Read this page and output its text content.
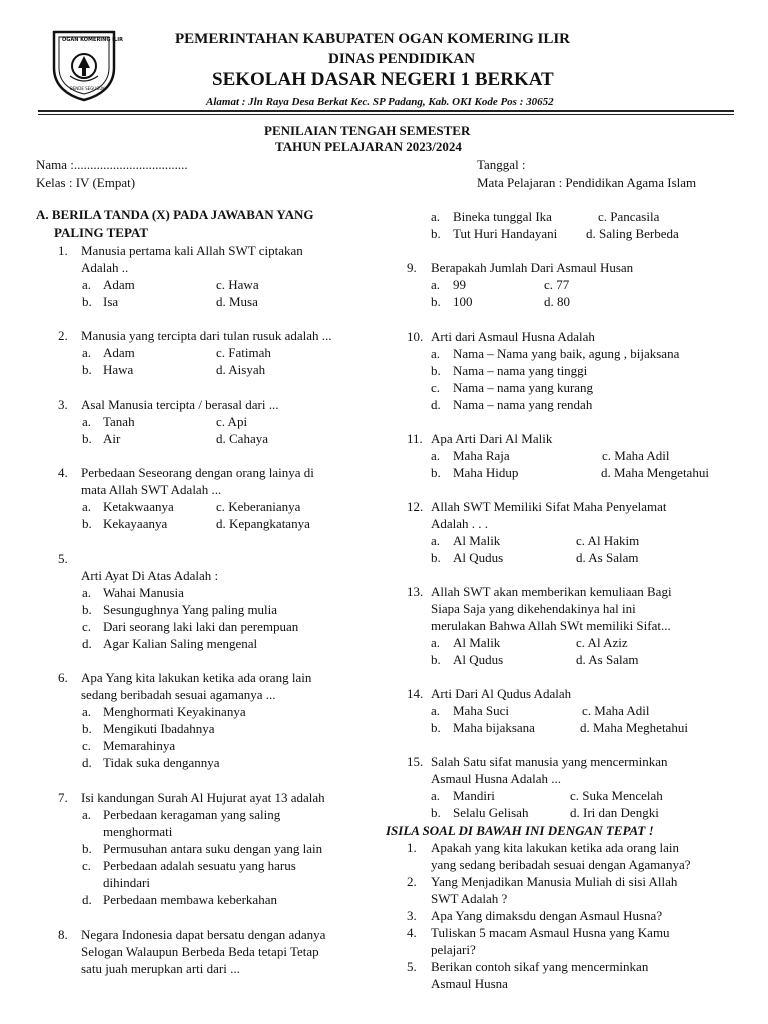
OGAN KOMERING ILIR
BENDE SEGUGUK
PEMERINTAHAN KABUPATEN OGAN KOMERING ILIR
DINAS PENDIDIKAN
SEKOLAH DASAR NEGERI 1 BERKAT
Alamat : Jln Raya Desa Berkat Kec. SP Padang, Kab. OKI Kode Pos : 30652
PENILAIAN TENGAH SEMESTER
TAHUN PELAJARAN 2023/2024
Nama :...................................
Kelas : IV (Empat)
Tanggal :
Mata Pelajaran : Pendidikan Agama Islam
A. BERILA TANDA (X) PADA JAWABAN YANG
PALING TEPAT
1. Manusia pertama kali Allah SWT ciptakan
Adalah ..
a. Adam	c. Hawa
b. Isa	d. Musa
2. Manusia yang tercipta dari tulan rusuk adalah ...
a. Adam	c. Fatimah
b. Hawa	d. Aisyah
3. Asal Manusia tercipta / berasal dari ...
a. Tanah	c. Api
b. Air	d. Cahaya
4. Perbedaan Seseorang dengan orang lainya di
mata Allah SWT Adalah ...
a. Ketakwaanya	c. Keberanianya
b. Kekayaanya	d. Kepangkatanya
5.
Arti Ayat Di Atas Adalah :
a. Wahai Manusia
b. Sesungughnya Yang paling mulia
c. Dari seorang laki laki dan perempuan
d. Agar Kalian Saling mengenal
6. Apa Yang kita lakukan ketika ada orang lain
sedang beribadah sesuai agamanya ...
a. Menghormati Keyakinanya
b. Mengikuti Ibadahnya
c. Memarahinya
d. Tidak suka dengannya
7. Isi kandungan Surah Al Hujurat ayat 13 adalah
a. Perbedaan keragaman yang saling
menghormati
b. Permusuhan antara suku dengan yang lain
c. Perbedaan adalah sesuatu yang harus
dihindari
d. Perbedaan membawa keberkahan
8. Negara Indonesia dapat bersatu dengan adanya
Selogan Walaupun Berbeda Beda tetapi Tetap
satu juah merupkan arti dari ...
a. Bineka tunggal Ika	c. Pancasila
b. Tut Huri Handayani d. Saling Berbeda
9. Berapakah Jumlah Dari Asmaul Husan
a. 99	c. 77
b. 100	d. 80
10. Arti dari Asmaul Husna Adalah
a. Nama – Nama yang baik, agung , bijaksana
b. Nama – nama yang tinggi
c. Nama – nama yang kurang
d. Nama – nama yang rendah
11. Apa Arti Dari Al Malik
a. Maha Raja	c. Maha Adil
b. Maha Hidup	d. Maha Mengetahui
12. Allah SWT Memiliki Sifat Maha Penyelamat
Adalah . . .
a. Al Malik	c. Al Hakim
b. Al Qudus	d. As Salam
13. Allah SWT akan memberikan kemuliaan Bagi
Siapa Saja yang dikehendakinya hal ini
merulakan Bahwa Allah SWt memiliki Sifat...
a. Al Malik	c. Al Aziz
b. Al Qudus	d. As Salam
14. Arti Dari Al Qudus Adalah
a. Maha Suci	c. Maha Adil
b. Maha bijaksana	d. Maha Meghetahui
15. Salah Satu sifat manusia yang mencerminkan
Asmaul Husna Adalah ...
a. Mandiri	c. Suka Mencelah
b. Selalu Gelisah	d. Iri dan Dengki
ISILA SOAL DI BAWAH INI DENGAN TEPAT !
1. Apakah yang kita lakukan ketika ada orang lain
yang sedang beribadah sesuai dengan Agamanya?
2. Yang Menjadikan Manusia Muliah di sisi Allah
SWT Adalah ?
3. Apa Yang dimaksdu dengan Asmaul Husna?
4. Tuliskan 5 macam Asmaul Husna yang Kamu
pelajari?
5. Berikan contoh sikaf yang mencerminkan
Asmaul Husna
